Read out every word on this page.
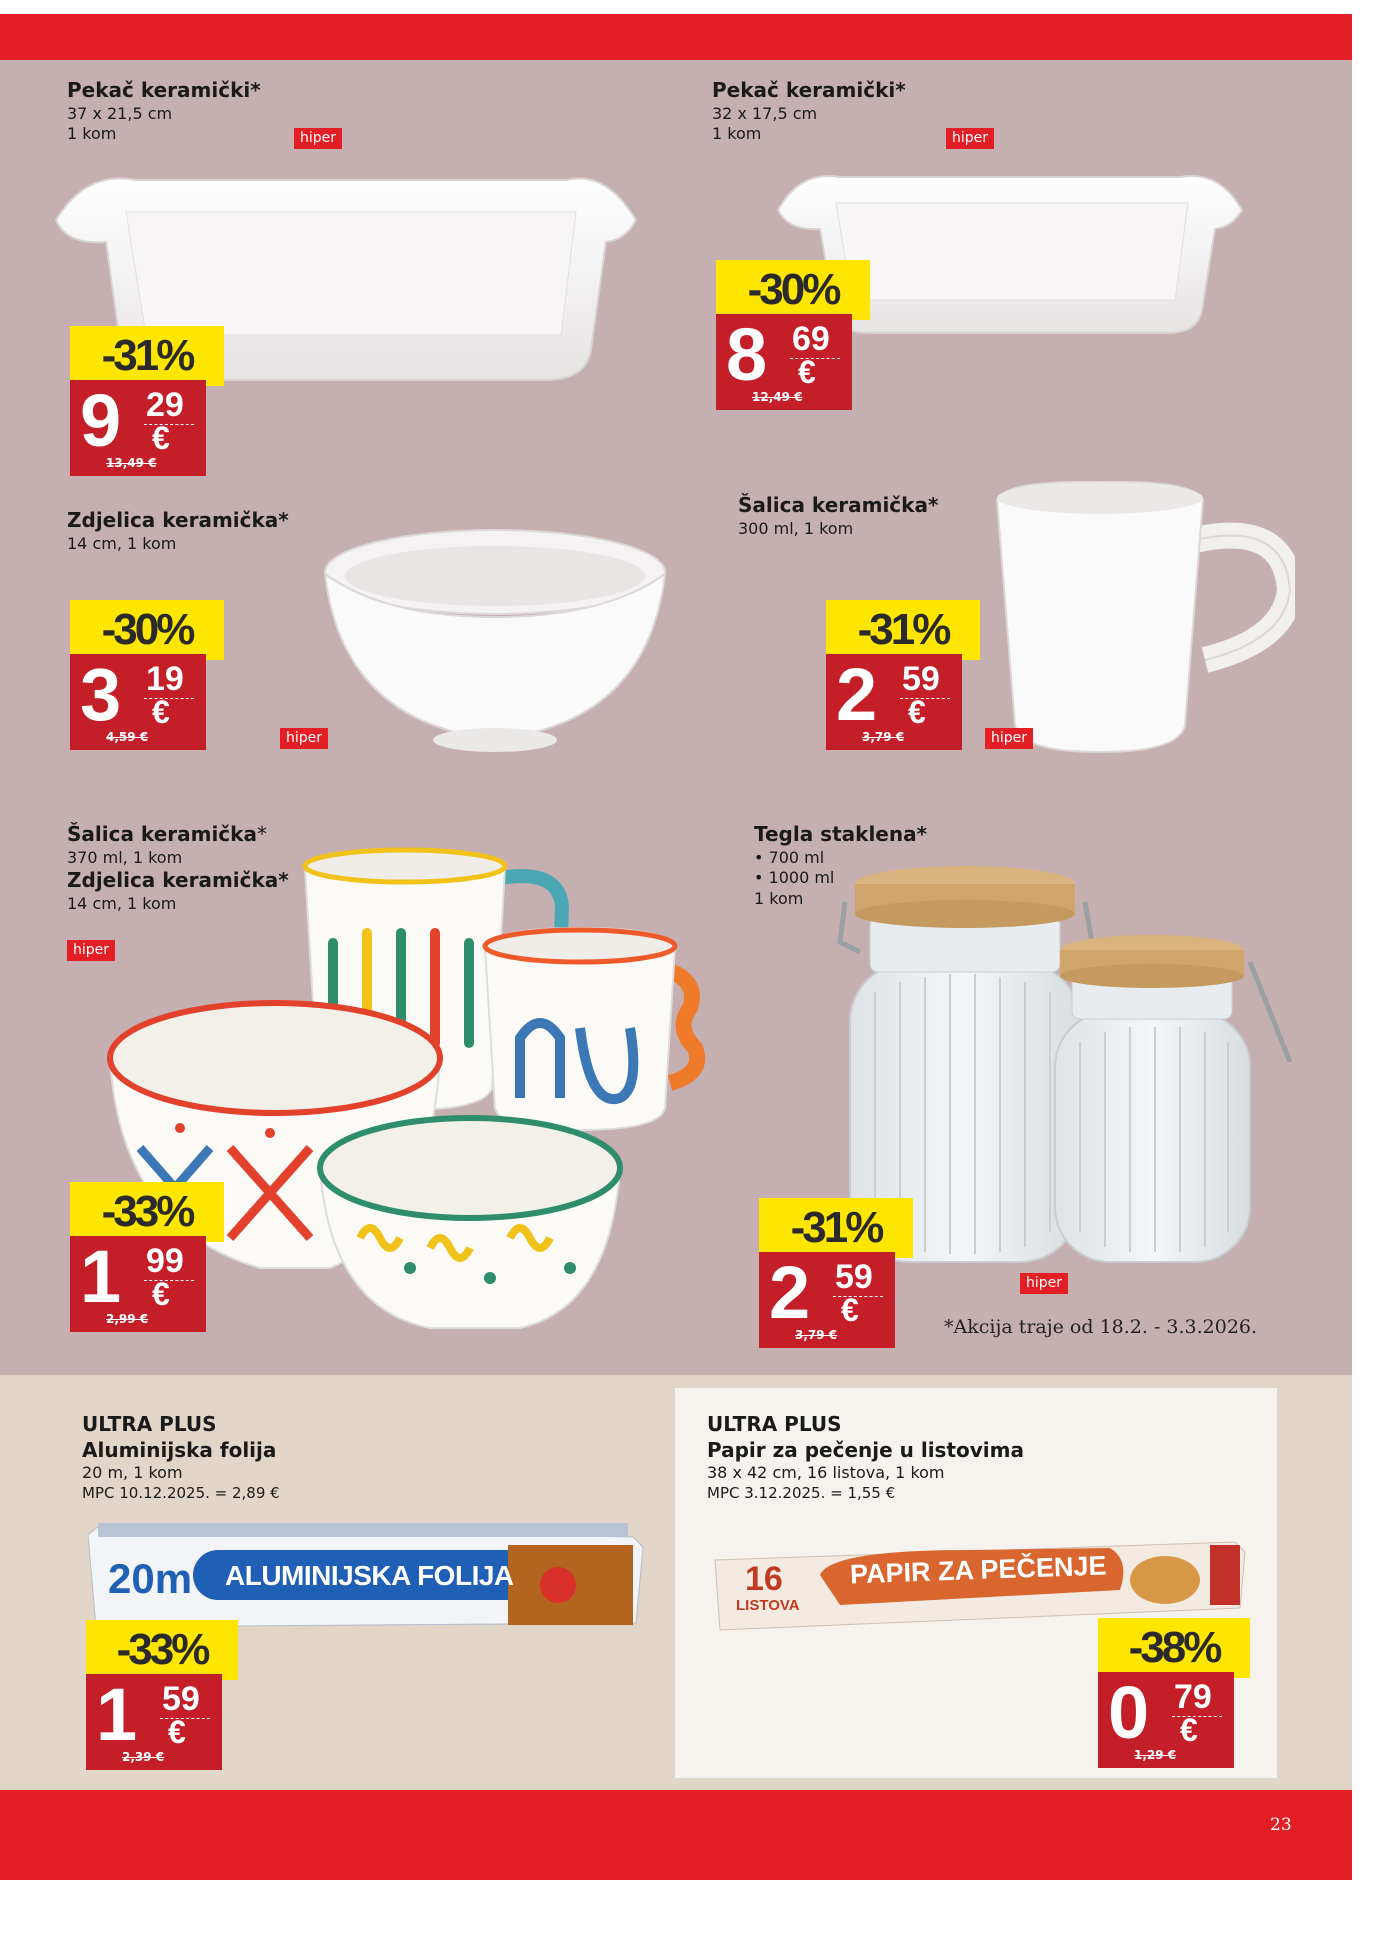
23
Pekač keramički*
37 x 21,5 cm
1 kom	hiper
-31%
9 29
€
13,49 €
Pekač keramički*
32 x 17,5 cm
1 kom	hiper
-30%
8 69
€
12,49 €
Zdjelica keramička*
14 cm, 1 kom
hiper
-30%
3 19
€
4,59 €
Šalica keramička*
300 ml, 1 kom
hiper
-31%
2 59
€
3,79 €
Šalica keramička*
370 ml, 1 kom
Zdjelica keramička*
14 cm, 1 kom
hiper
-33%
1 99
€
2,99 €
Tegla staklena*
• 700 ml
• 1000 ml
1 kom
hiper
-31%
2 59
€
3,79 €	*Akcija traje od 18.2. - 3.3.2026.
ULTRA PLUS
Aluminijska folija
20 m, 1 kom
MPC 10.12.2025. = 2,89 €
20m ALUMINIJSKA FOLIJA
-33%
1 59
€
2,39 €
ULTRA PLUS
Papir za pečenje u listovima
38 x 42 cm, 16 listova, 1 kom
MPC 3.12.2025. = 1,55 €
16
LISTOVA
PAPIR ZA PEČENJE
-38%
0 79
€
1,29 €
